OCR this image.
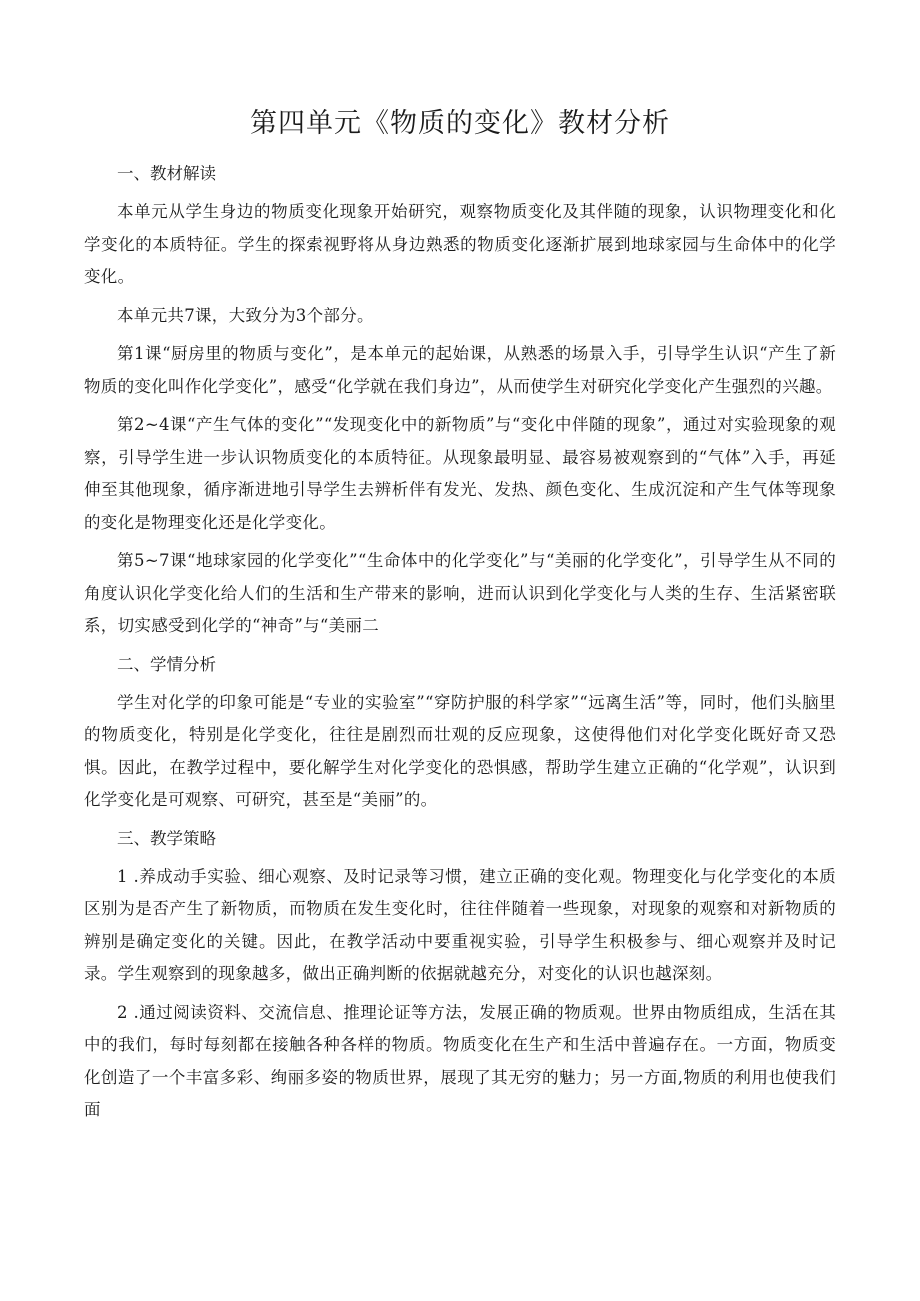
第四单元《物质的变化》教材分析

一、教材解读

本单元从学生身边的物质变化现象开始研究，观察物质变化及其伴随的现象，认识物理变化和化学变化的本质特征。学生的探索视野将从身边熟悉的物质变化逐渐扩展到地球家园与生命体中的化学变化。

本单元共7课，大致分为3个部分。

第1课“厨房里的物质与变化”，是本单元的起始课，从熟悉的场景入手，引导学生认识“产生了新物质的变化叫作化学变化”，感受“化学就在我们身边”，从而使学生对研究化学变化产生强烈的兴趣。

第2~4课“产生气体的变化”“发现变化中的新物质”与“变化中伴随的现象”，通过对实验现象的观察，引导学生进一步认识物质变化的本质特征。从现象最明显、最容易被观察到的“气体”入手，再延伸至其他现象，循序渐进地引导学生去辨析伴有发光、发热、颜色变化、生成沉淀和产生气体等现象的变化是物理变化还是化学变化。

第5~7课“地球家园的化学变化”“生命体中的化学变化”与“美丽的化学变化”，引导学生从不同的角度认识化学变化给人们的生活和生产带来的影响，进而认识到化学变化与人类的生存、生活紧密联系，切实感受到化学的“神奇”与“美丽二

二、学情分析

学生对化学的印象可能是“专业的实验室”“穿防护服的科学家”“远离生活”等，同时，他们头脑里的物质变化，特别是化学变化，往往是剧烈而壮观的反应现象，这使得他们对化学变化既好奇又恐惧。因此，在教学过程中，要化解学生对化学变化的恐惧感，帮助学生建立正确的“化学观”，认识到化学变化是可观察、可研究，甚至是“美丽”的。

三、教学策略

1 .养成动手实验、细心观察、及时记录等习惯，建立正确的变化观。物理变化与化学变化的本质区别为是否产生了新物质，而物质在发生变化时，往往伴随着一些现象，对现象的观察和对新物质的辨别是确定变化的关键。因此，在教学活动中要重视实验，引导学生积极参与、细心观察并及时记录。学生观察到的现象越多，做出正确判断的依据就越充分，对变化的认识也越深刻。

2 .通过阅读资料、交流信息、推理论证等方法，发展正确的物质观。世界由物质组成，生活在其中的我们，每时每刻都在接触各种各样的物质。物质变化在生产和生活中普遍存在。一方面，物质变化创造了一个丰富多彩、绚丽多姿的物质世界，展现了其无穷的魅力；另一方面,物质的利用也使我们面
